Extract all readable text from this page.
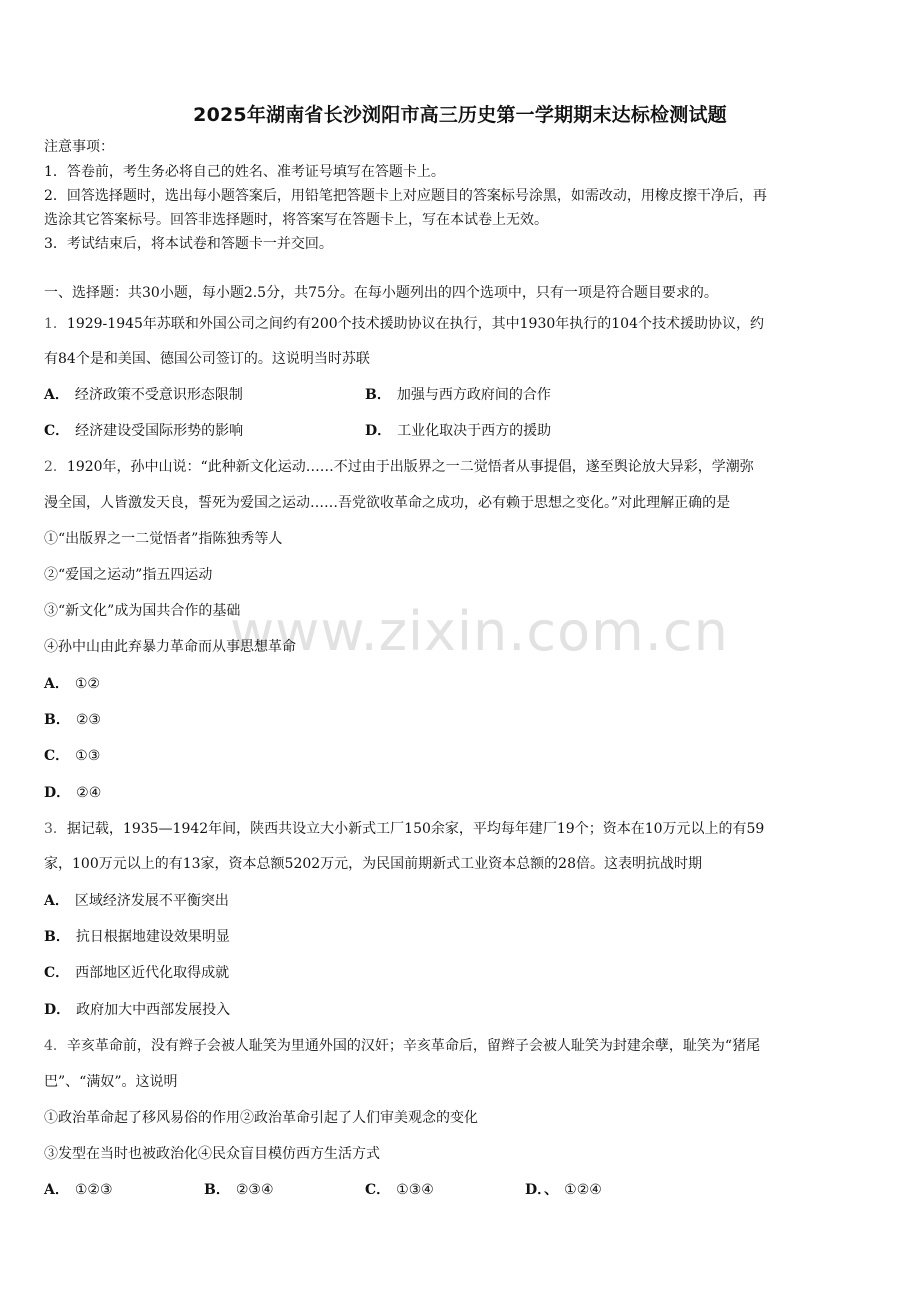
www.zixin.com.cn
2025年湖南省长沙浏阳市高三历史第一学期期末达标检测试题
注意事项：
1．答卷前，考生务必将自己的姓名、准考证号填写在答题卡上。
2．回答选择题时，选出每小题答案后，用铅笔把答题卡上对应题目的答案标号涂黑，如需改动，用橡皮擦干净后，再
选涂其它答案标号。回答非选择题时，将答案写在答题卡上，写在本试卷上无效。
3．考试结束后，将本试卷和答题卡一并交回。
一、选择题：共30小题，每小题2.5分，共75分。在每小题列出的四个选项中，只有一项是符合题目要求的。
1．1929-1945年苏联和外国公司之间约有200个技术援助协议在执行，其中1930年执行的104个技术援助协议，约
有84个是和美国、德国公司签订的。这说明当时苏联
A． 经济政策不受意识形态限制	B． 加强与西方政府间的合作
C． 经济建设受国际形势的影响	D． 工业化取决于西方的援助
2．1920年，孙中山说：“此种新文化运动……不过由于出版界之一二觉悟者从事提倡，遂至舆论放大异彩，学潮弥
漫全国，人皆激发天良，誓死为爱国之运动……吾党欲收革命之成功，必有赖于思想之变化。”对此理解正确的是
①“出版界之一二觉悟者”指陈独秀等人
②“爱国之运动”指五四运动
③“新文化”成为国共合作的基础
④孙中山由此弃暴力革命而从事思想革命
A． ①②
B． ②③
C． ①③
D． ②④
3．据记载，1935—1942年间，陕西共设立大小新式工厂150余家，平均每年建厂19个；资本在10万元以上的有59
家，100万元以上的有13家，资本总额5202万元，为民国前期新式工业资本总额的28倍。这表明抗战时期
A． 区域经济发展不平衡突出
B． 抗日根据地建设效果明显
C． 西部地区近代化取得成就
D． 政府加大中西部发展投入
4．辛亥革命前，没有辫子会被人耻笑为里通外国的汉奸；辛亥革命后，留辫子会被人耻笑为封建余孽，耻笑为“猪尾
巴”、“满奴”。这说明
①政治革命起了移风易俗的作用②政治革命引起了人们审美观念的变化
③发型在当时也被政治化④民众盲目模仿西方生活方式
A． ①②③	B． ②③④	C． ①③④	D．、 ①②④
